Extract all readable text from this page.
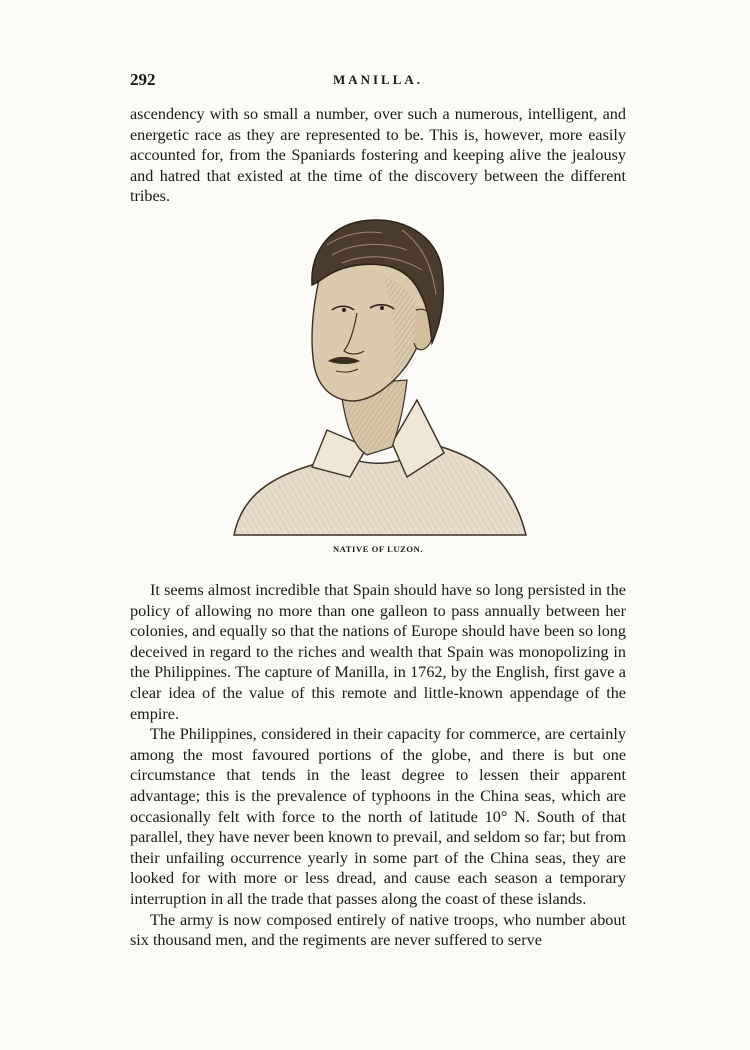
292	MANILLA.

ascendency with so small a number, over such a numerous, intelligent, and energetic race as they are represented to be. This is, however, more easily accounted for, from the Spaniards fostering and keeping alive the jealousy and hatred that existed at the time of the discovery between the different tribes.

NATIVE OF LUZON.

It seems almost incredible that Spain should have so long persisted in the policy of allowing no more than one galleon to pass annually between her colonies, and equally so that the nations of Europe should have been so long deceived in regard to the riches and wealth that Spain was monopolizing in the Philippines. The capture of Manilla, in 1762, by the English, first gave a clear idea of the value of this remote and little-known appendage of the empire.

The Philippines, considered in their capacity for commerce, are certainly among the most favoured portions of the globe, and there is but one circumstance that tends in the least degree to lessen their apparent advantage; this is the prevalence of typhoons in the China seas, which are occasionally felt with force to the north of latitude 10° N. South of that parallel, they have never been known to prevail, and seldom so far; but from their unfailing occurrence yearly in some part of the China seas, they are looked for with more or less dread, and cause each season a temporary interruption in all the trade that passes along the coast of these islands.

The army is now composed entirely of native troops, who number about six thousand men, and the regiments are never suffered to serve
